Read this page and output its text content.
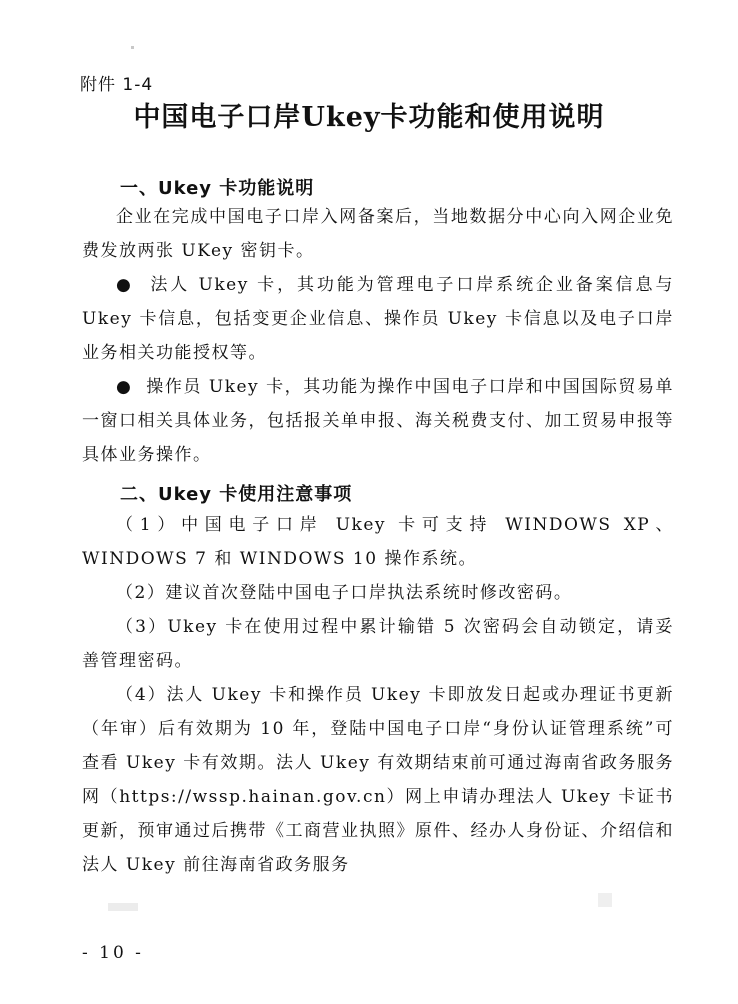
附件 1-4
中国电子口岸Ukey卡功能和使用说明
一、Ukey 卡功能说明
企业在完成中国电子口岸入网备案后，当地数据分中心向入网企业免费发放两张 UKey 密钥卡。
● 法人 Ukey 卡，其功能为管理电子口岸系统企业备案信息与 Ukey 卡信息，包括变更企业信息、操作员 Ukey 卡信息以及电子口岸业务相关功能授权等。
● 操作员 Ukey 卡，其功能为操作中国电子口岸和中国国际贸易单一窗口相关具体业务，包括报关单申报、海关税费支付、加工贸易申报等具体业务操作。
二、Ukey 卡使用注意事项
（1）中国电子口岸 Ukey 卡可支持 WINDOWS XP、WINDOWS 7 和 WINDOWS 10 操作系统。
（2）建议首次登陆中国电子口岸执法系统时修改密码。
（3）Ukey 卡在使用过程中累计输错 5 次密码会自动锁定，请妥善管理密码。
（4）法人 Ukey 卡和操作员 Ukey 卡即放发日起或办理证书更新（年审）后有效期为 10 年，登陆中国电子口岸“身份认证管理系统”可查看 Ukey 卡有效期。法人 Ukey 有效期结束前可通过海南省政务服务网（https://wssp.hainan.gov.cn）网上申请办理法人 Ukey 卡证书更新，预审通过后携带《工商营业执照》原件、经办人身份证、介绍信和法人 Ukey 前往海南省政务服务
- 10 -
